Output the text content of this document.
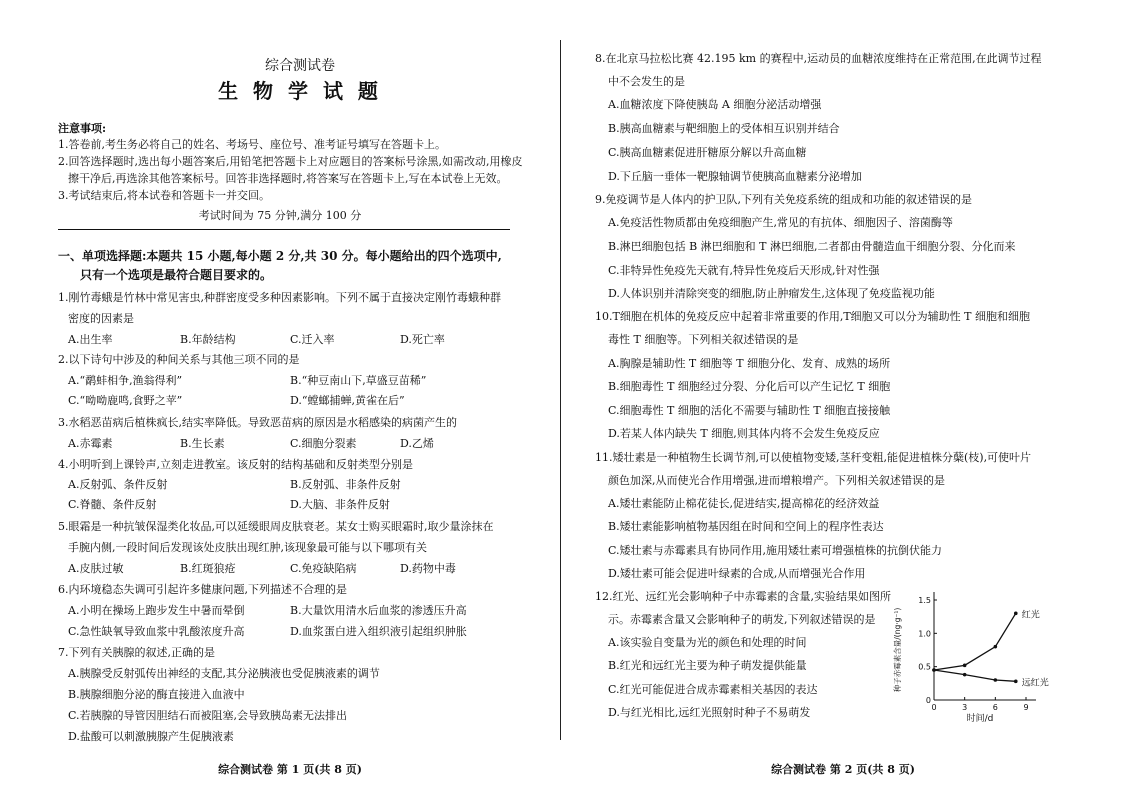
综合测试卷
生 物 学 试 题
注意事项:
1.答卷前,考生务必将自己的姓名、考场号、座位号、准考证号填写在答题卡上。
2.回答选择题时,选出每小题答案后,用铅笔把答题卡上对应题目的答案标号涂黑,如需改动,用橡皮
擦干净后,再选涂其他答案标号。回答非选择题时,将答案写在答题卡上,写在本试卷上无效。
3.考试结束后,将本试卷和答题卡一并交回。
考试时间为 75 分钟,满分 100 分
一、单项选择题:本题共 15 小题,每小题 2 分,共 30 分。每小题给出的四个选项中,
只有一个选项是最符合题目要求的。
1.刚竹毒蛾是竹林中常见害虫,种群密度受多种因素影响。下列不属于直接决定刚竹毒蛾种群
密度的因素是
A.出生率	B.年龄结构	C.迁入率	D.死亡率
2.以下诗句中涉及的种间关系与其他三项不同的是
A.“鹬蚌相争,渔翁得利”	B.“种豆南山下,草盛豆苗稀”
C.“呦呦鹿鸣,食野之苹”	D.“螳螂捕蝉,黄雀在后”
3.水稻恶苗病后植株疯长,结实率降低。导致恶苗病的原因是水稻感染的病菌产生的
A.赤霉素	B.生长素	C.细胞分裂素	D.乙烯
4.小明听到上课铃声,立刻走进教室。该反射的结构基础和反射类型分别是
A.反射弧、条件反射	B.反射弧、非条件反射
C.脊髓、条件反射	D.大脑、非条件反射
5.眼霜是一种抗皱保湿类化妆品,可以延缓眼周皮肤衰老。某女士购买眼霜时,取少量涂抹在
手腕内侧,一段时间后发现该处皮肤出现红肿,该现象最可能与以下哪项有关
A.皮肤过敏	B.红斑狼疮	C.免疫缺陷病	D.药物中毒
6.内环境稳态失调可引起许多健康问题,下列描述不合理的是
A.小明在操场上跑步发生中暑而晕倒	B.大量饮用清水后血浆的渗透压升高
C.急性缺氧导致血浆中乳酸浓度升高	D.血浆蛋白进入组织液引起组织肿胀
7.下列有关胰腺的叙述,正确的是
A.胰腺受反射弧传出神经的支配,其分泌胰液也受促胰液素的调节
B.胰腺细胞分泌的酶直接进入血液中
C.若胰腺的导管因胆结石而被阻塞,会导致胰岛素无法排出
D.盐酸可以刺激胰腺产生促胰液素
综合测试卷 第 1 页(共 8 页)
8.在北京马拉松比赛 42.195 km 的赛程中,运动员的血糖浓度维持在正常范围,在此调节过程
中不会发生的是
A.血糖浓度下降使胰岛 A 细胞分泌活动增强
B.胰高血糖素与靶细胞上的受体相互识别并结合
C.胰高血糖素促进肝糖原分解以升高血糖
D.下丘脑一垂体一靶腺轴调节使胰高血糖素分泌增加
9.免疫调节是人体内的护卫队,下列有关免疫系统的组成和功能的叙述错误的是
A.免疫活性物质都由免疫细胞产生,常见的有抗体、细胞因子、溶菌酶等
B.淋巴细胞包括 B 淋巴细胞和 T 淋巴细胞,二者都由骨髓造血干细胞分裂、分化而来
C.非特异性免疫先天就有,特异性免疫后天形成,针对性强
D.人体识别并清除突变的细胞,防止肿瘤发生,这体现了免疫监视功能
10.T细胞在机体的免疫反应中起着非常重要的作用,T细胞又可以分为辅助性 T 细胞和细胞
毒性 T 细胞等。下列相关叙述错误的是
A.胸腺是辅助性 T 细胞等 T 细胞分化、发育、成熟的场所
B.细胞毒性 T 细胞经过分裂、分化后可以产生记忆 T 细胞
C.细胞毒性 T 细胞的活化不需要与辅助性 T 细胞直接接触
D.若某人体内缺失 T 细胞,则其体内将不会发生免疫反应
11.矮壮素是一种植物生长调节剂,可以使植物变矮,茎秆变粗,能促进植株分蘖(枝),可使叶片
颜色加深,从而使光合作用增强,进而增粮增产。下列相关叙述错误的是
A.矮壮素能防止棉花徒长,促进结实,提高棉花的经济效益
B.矮壮素能影响植物基因组在时间和空间上的程序性表达
C.矮壮素与赤霉素具有协同作用,施用矮壮素可增强植株的抗倒伏能力
D.矮壮素可能会促进叶绿素的合成,从而增强光合作用
12.红光、远红光会影响种子中赤霉素的含量,实验结果如图所
示。赤霉素含量又会影响种子的萌发,下列叙述错误的是
A.该实验自变量为光的颜色和处理的时间
B.红光和远红光主要为种子萌发提供能量
C.红光可能促进合成赤霉素相关基因的表达
D.与红光相比,远红光照射时种子不易萌发
0
0.5
1.0
1.5
0	3	6	9
时间/d
种子赤霉素含量/(ng·g⁻¹)	红光
远红光
综合测试卷 第 2 页(共 8 页)
